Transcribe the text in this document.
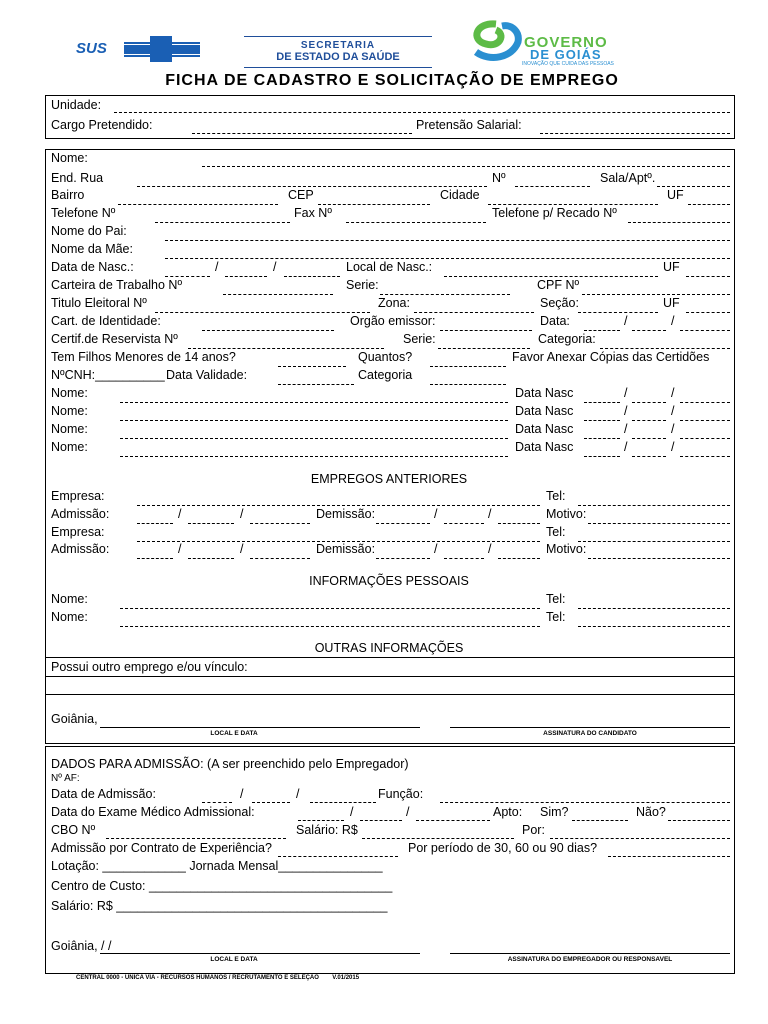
SUS	SECRETARIA
DE ESTADO DA SAÚDE
GOVERNO
DE GOIÁS
INOVAÇÃO QUE CUIDA DAS PESSOAS
FICHA DE CADASTRO E SOLICITAÇÃO DE EMPREGO
Unidade:
Cargo Pretendido:	Pretensão Salarial:
Nome:
End. Rua	Nº	Sala/Aptº.
Bairro	CEP	Cidade	UF
Telefone Nº	Fax Nº	Telefone p/ Recado Nº
Nome do Pai:
Nome da Mãe:
Data de Nasc.:	/	/	Local de Nasc.:	UF
Carteira de Trabalho Nº	Serie:	CPF Nº
Titulo Eleitoral Nº	Zona:	Seção:	UF
Cart. de Identidade:	Orgão emissor:	Data:	/	/
Certif.de Reservista Nº	Serie:	Categoria:
Tem Filhos Menores de 14 anos?	Quantos?	Favor Anexar Cópias das Certidões
NºCNH:__________ Data Validade:	Categoria
Nome:	Data Nasc	/	/
Nome:	Data Nasc	/	/
Nome:	Data Nasc	/	/
Nome:	Data Nasc	/	/
EMPREGOS ANTERIORES
Empresa:	Tel:
Admissão:	/	/	Demissão:	/	/	Motivo:
Empresa:	Tel:
Admissão:	/	/	Demissão:	/	/	Motivo:
INFORMAÇÕES PESSOAIS
Nome:	Tel:
Nome:	Tel:
OUTRAS INFORMAÇÕES
Possui outro emprego e/ou vínculo:
Goiânia,
LOCAL E DATA	ASSINATURA DO CANDIDATO
DADOS PARA ADMISSÃO: (A ser preenchido pelo Empregador)
Nº AF:
Data de Admissão:	/	/	Função:
Data do Exame Médico Admissional:	/	/	Apto: Sim?	Não?
CBO Nº	Salário: R$	Por:
Admissão por Contrato de Experiência?	Por período de 30, 60 ou 90 dias?
Lotação: ____________ Jornada Mensal_______________
Centro de Custo: ___________________________________
Salário: R$ _______________________________________
Goiânia, / /
LOCAL E DATA	ASSINATURA DO EMPREGADOR OU RESPONSAVEL
CENTRAL 0000 - UNICA VIA - RECURSOS HUMANOS / RECRUTAMENTO E SELEÇÃO        V.01/2015
